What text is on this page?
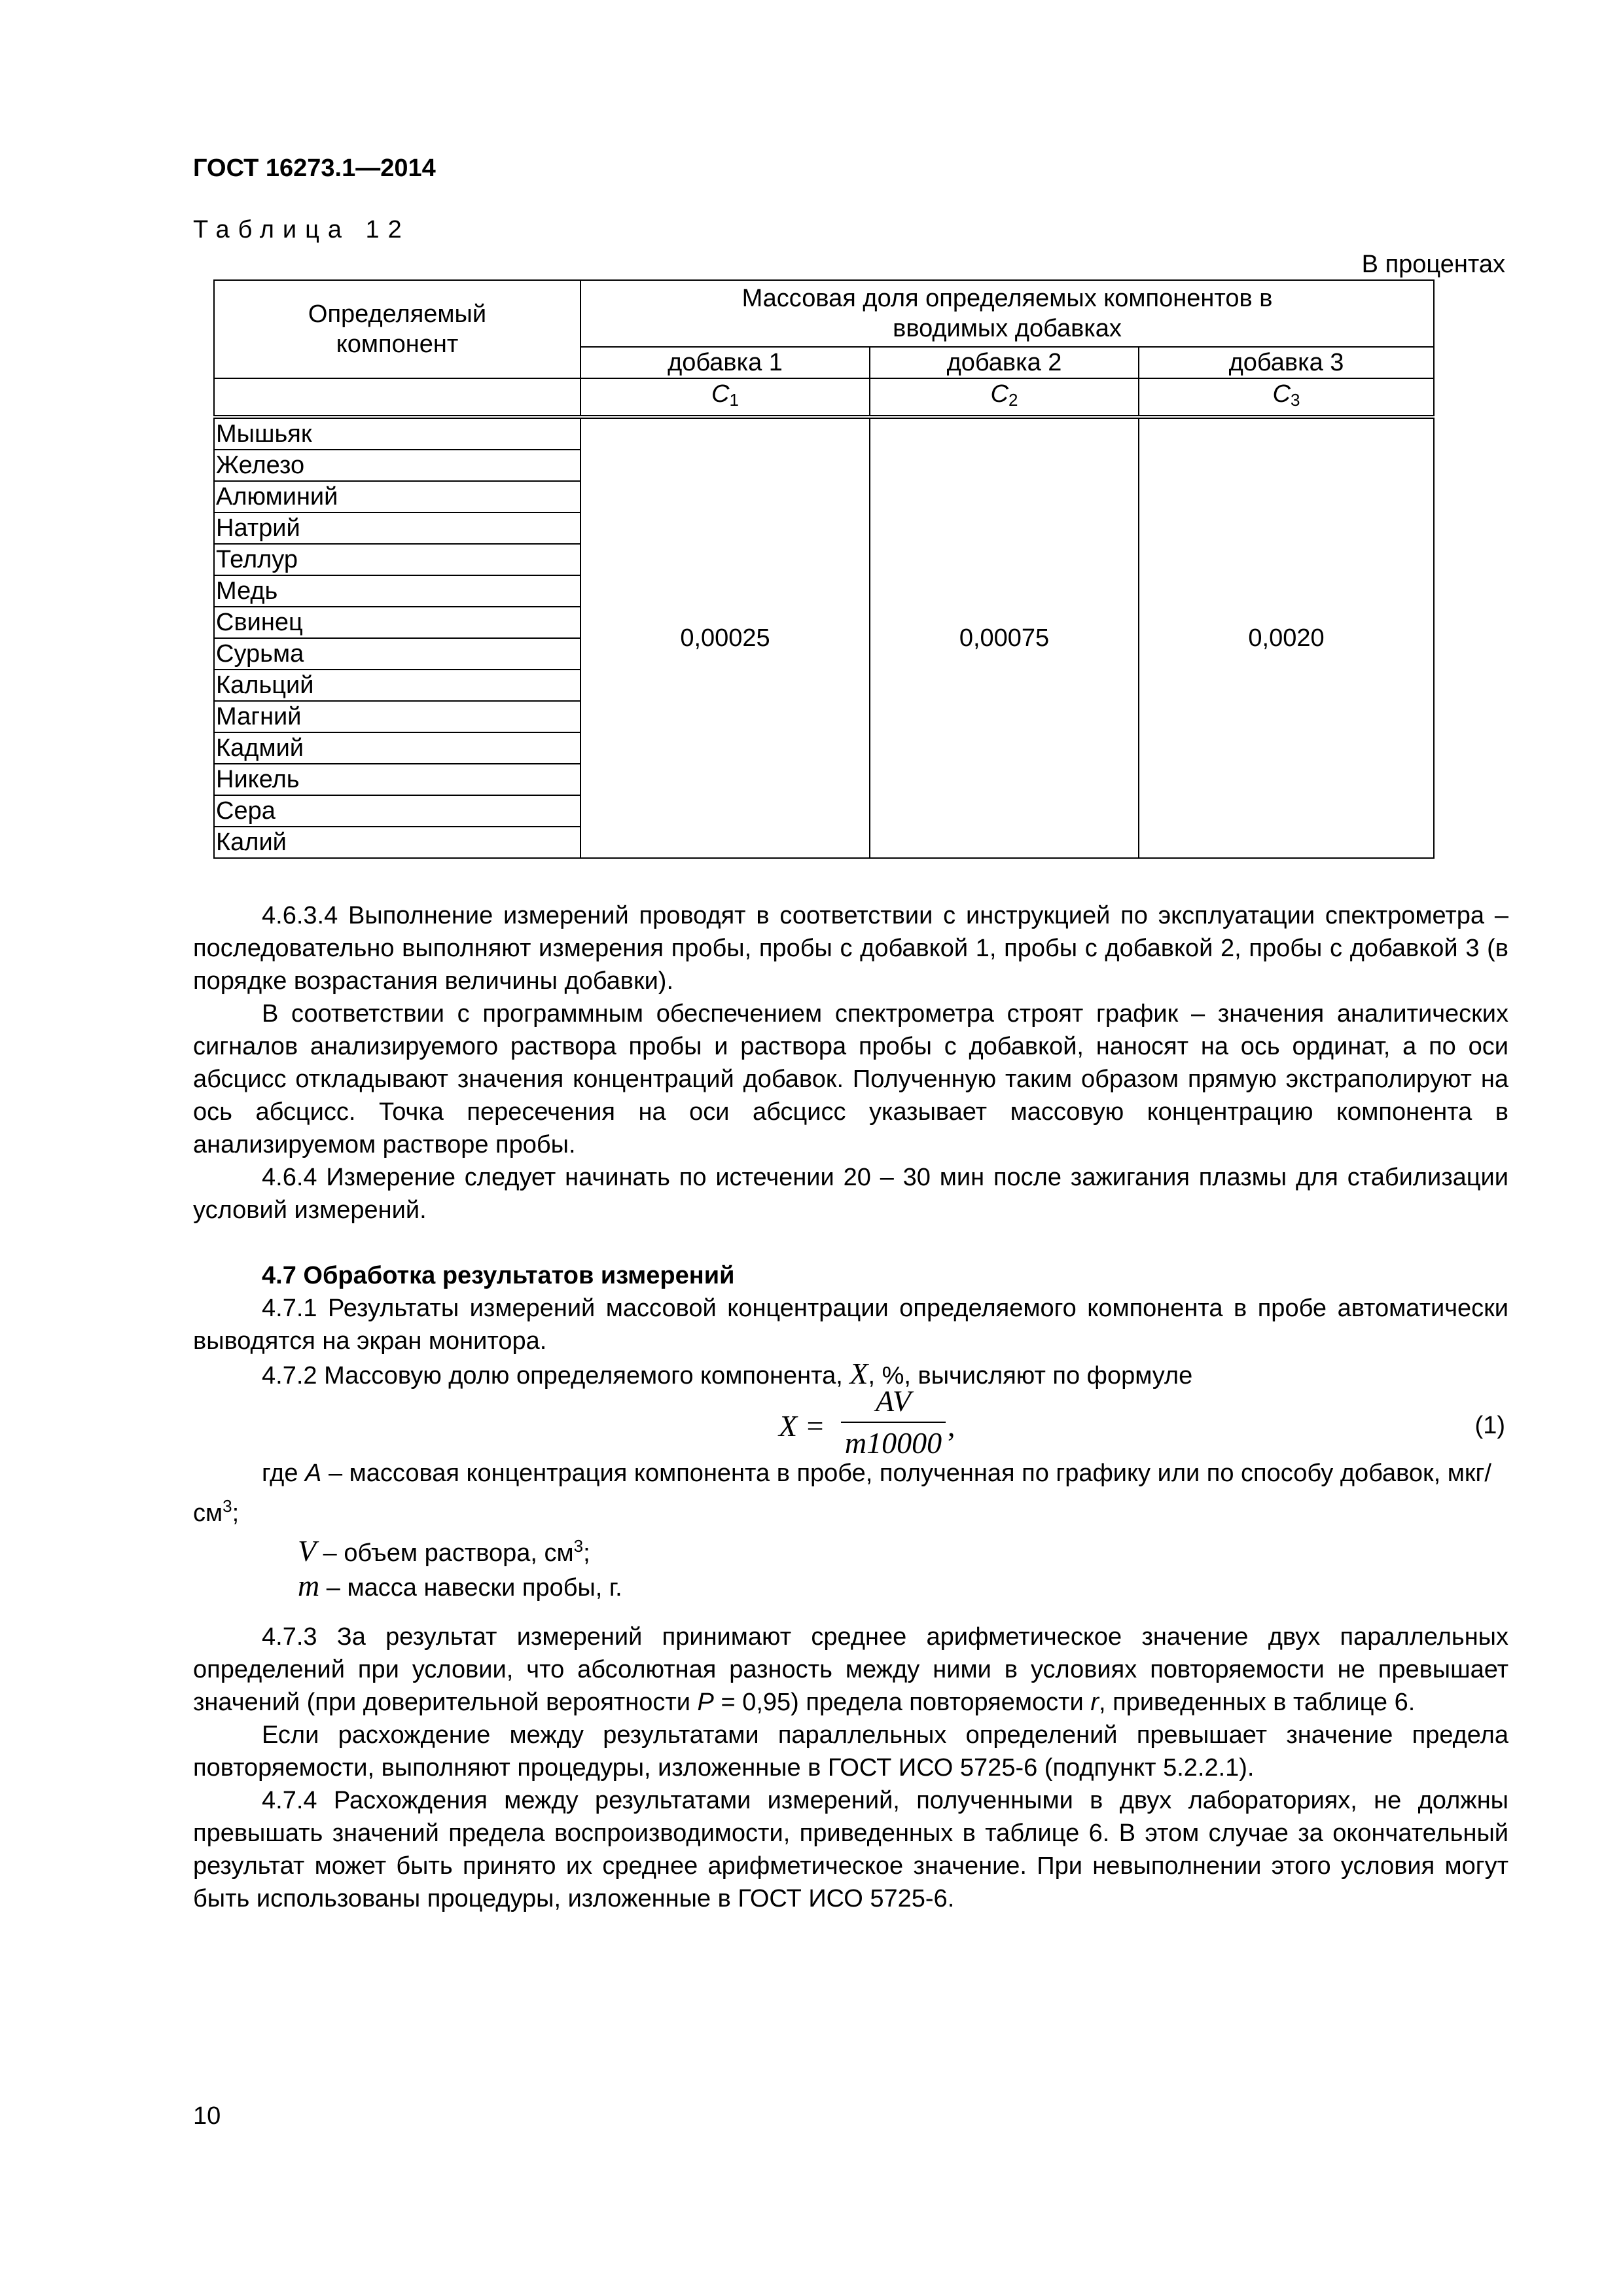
ГОСТ 16273.1—2014
Таблица 12
В процентах
Определяемый компонент	Массовая доля определяемых компонентов в вводимых добавках		
	добавка 1	добавка 2	добавка 3
	$C_1$	$C_2$	$C_3$
Мышьяк	0,00025	0,00075	0,0020
Железо			
Алюминий			
Натрий			
Теллур			
Медь			
Свинец			
Сурьма			
Кальций			
Магний			
Кадмий			
Никель			
Сера			
Калий			

4.6.3.4 Выполнение измерений проводят в соответствии с инструкцией по эксплуатации спектрометра – последовательно выполняют измерения пробы, пробы с добавкой 1, пробы с добавкой 2, пробы с добавкой 3 (в порядке возрастания величины добавки).

В соответствии с программным обеспечением спектрометра строят график – значения аналитических сигналов анализируемого раствора пробы и раствора пробы с добавкой, наносят на ось ординат, а по оси абсцисс откладывают значения концентраций добавок. Полученную таким образом прямую экстраполируют на ось абсцисс. Точка пересечения на оси абсцисс указывает массовую концентрацию компонента в анализируемом растворе пробы.

4.6.4 Измерение следует начинать по истечении 20 – 30 мин после зажигания плазмы для стабилизации условий измерений.

4.7 Обработка результатов измерений

4.7.1 Результаты измерений массовой концентрации определяемого компонента в пробе автоматически выводятся на экран монитора.

4.7.2 Массовую долю определяемого компонента, X, %, вычисляют по формуле

X =
AV
m10000
,	(1)

где A – массовая концентрация компонента в пробе, полученная по графику или по способу добавок, мкг/$см^3$;

V – объем раствора, $см^3$;

m – масса навески пробы, г.

4.7.3 За результат измерений принимают среднее арифметическое значение двух параллельных определений при условии, что абсолютная разность между ними в условиях повторяемости не превышает значений (при доверительной вероятности P = 0,95) предела повторяемости r, приведенных в таблице 6.

Если расхождение между результатами параллельных определений превышает значение предела повторяемости, выполняют процедуры, изложенные в ГОСТ ИСО 5725-6 (подпункт 5.2.2.1).

4.7.4 Расхождения между результатами измерений, полученными в двух лабораториях, не должны превышать значений предела воспроизводимости, приведенных в таблице 6. В этом случае за окончательный результат может быть принято их среднее арифметическое значение. При невыполнении этого условия могут быть использованы процедуры, изложенные в ГОСТ ИСО 5725-6.

10
